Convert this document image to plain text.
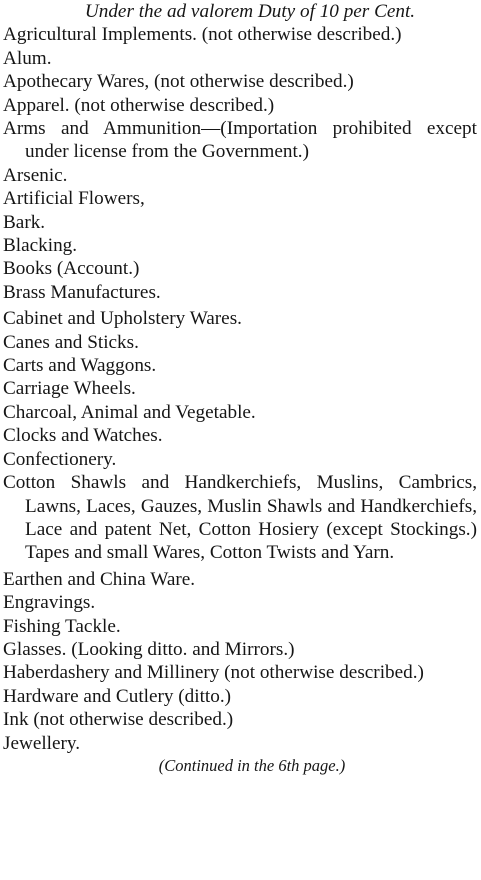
Under the ad valorem Duty of 10 per Cent.

Agricultural Implements. (not otherwise described.)
Alum.
Apothecary Wares, (not otherwise described.)
Apparel. (not otherwise described.)
Arms and Ammunition—(Importation prohibited except under license from the Government.)
Arsenic.
Artificial Flowers,
Bark.
Blacking.
Books (Account.)
Brass Manufactures.
Cabinet and Upholstery Wares.
Canes and Sticks.
Carts and Waggons.
Carriage Wheels.
Charcoal, Animal and Vegetable.
Clocks and Watches.
Confectionery.
Cotton Shawls and Handkerchiefs, Muslins, Cambrics, Lawns, Laces, Gauzes, Muslin Shawls and Handkerchiefs, Lace and patent Net, Cotton Hosiery (except Stockings.) Tapes and small Wares, Cotton Twists and Yarn.
Earthen and China Ware.
Engravings.
Fishing Tackle.
Glasses. (Looking ditto. and Mirrors.)
Haberdashery and Millinery (not otherwise described.)
Hardware and Cutlery (ditto.)
Ink (not otherwise described.)
Jewellery.

(Continued in the 6th page.)
